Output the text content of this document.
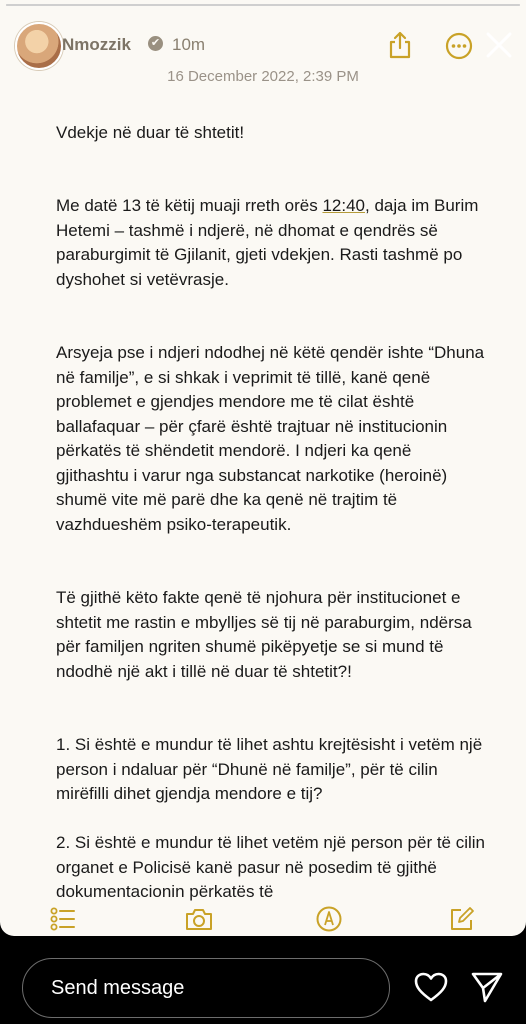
Nmozzik ✔ 10m
16 December 2022, 2:39 PM

Vdekje në duar të shtetit!

Me datë 13 të këtij muaji rreth orës 12:40, daja im Burim Hetemi – tashmë i ndjerë, në dhomat e qendrës së paraburgimit të Gjilanit, gjeti vdekjen. Rasti tashmë po dyshohet si vetëvrasje.

Arsyeja pse i ndjeri ndodhej në këtë qendër ishte “Dhuna në familje”, e si shkak i veprimit të tillë, kanë qenë problemet e gjendjes mendore me të cilat është ballafaquar – për çfarë është trajtuar në institucionin përkatës të shëndetit mendorë. I ndjeri ka qenë gjithashtu i varur nga substancat narkotike (heroinë) shumë vite më parë dhe ka qenë në trajtim të vazhdueshëm psiko-terapeutik.

Të gjithë këto fakte qenë të njohura për institucionet e shtetit me rastin e mbylljes së tij në paraburgim, ndërsa për familjen ngriten shumë pikëpyetje se si mund të ndodhë një akt i tillë në duar të shtetit?!

1. Si është e mundur të lihet ashtu krejtësisht i vetëm një person i ndaluar për “Dhunë në familje”, për të cilin mirëfilli dihet gjendja mendore e tij?

2. Si është e mundur të lihet vetëm një person për të cilin organet e Policisë kanë pasur në posedim të gjithë dokumentacionin përkatës të

Send message
